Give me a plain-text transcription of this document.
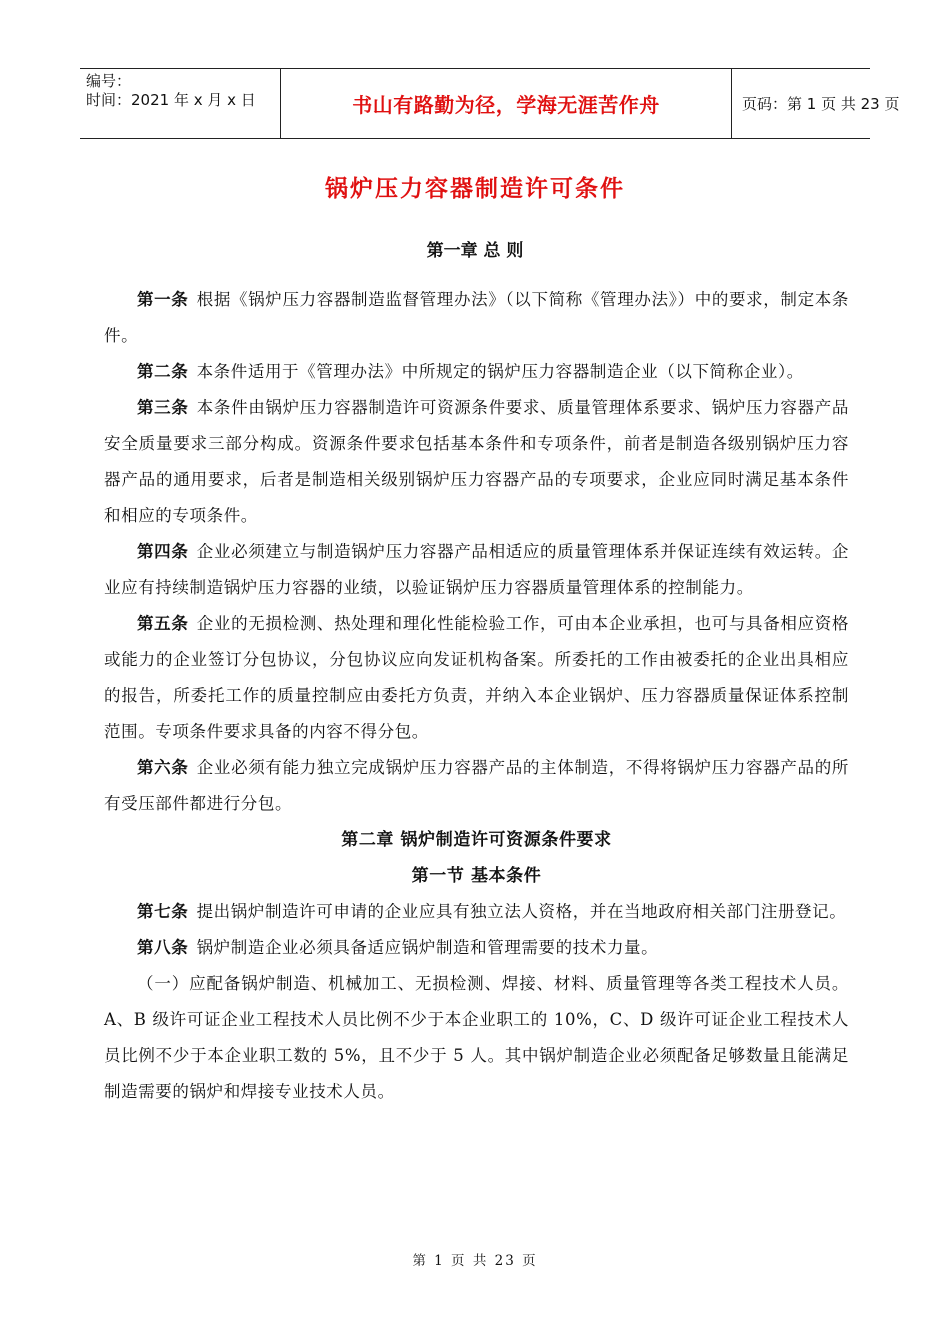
编号：
时间：2021 年 x 月 x 日	书山有路勤为径，学海无涯苦作舟	页码：第 1 页 共 23 页
锅炉压力容器制造许可条件
第一章 总 则

第一条 根据《锅炉压力容器制造监督管理办法》（以下简称《管理办法》）中的要求，制定本条件。

第二条 本条件适用于《管理办法》中所规定的锅炉压力容器制造企业（以下简称企业）。

第三条 本条件由锅炉压力容器制造许可资源条件要求、质量管理体系要求、锅炉压力容器产品安全质量要求三部分构成。资源条件要求包括基本条件和专项条件，前者是制造各级别锅炉压力容器产品的通用要求，后者是制造相关级别锅炉压力容器产品的专项要求，企业应同时满足基本条件和相应的专项条件。

第四条 企业必须建立与制造锅炉压力容器产品相适应的质量管理体系并保证连续有效运转。企业应有持续制造锅炉压力容器的业绩，以验证锅炉压力容器质量管理体系的控制能力。

第五条 企业的无损检测、热处理和理化性能检验工作，可由本企业承担，也可与具备相应资格或能力的企业签订分包协议，分包协议应向发证机构备案。所委托的工作由被委托的企业出具相应的报告，所委托工作的质量控制应由委托方负责，并纳入本企业锅炉、压力容器质量保证体系控制范围。专项条件要求具备的内容不得分包。

第六条 企业必须有能力独立完成锅炉压力容器产品的主体制造，不得将锅炉压力容器产品的所有受压部件都进行分包。

第二章 锅炉制造许可资源条件要求
第一节 基本条件

第七条 提出锅炉制造许可申请的企业应具有独立法人资格，并在当地政府相关部门注册登记。

第八条 锅炉制造企业必须具备适应锅炉制造和管理需要的技术力量。

（一）应配备锅炉制造、机械加工、无损检测、焊接、材料、质量管理等各类工程技术人员。A、B 级许可证企业工程技术人员比例不少于本企业职工的 10%，C、D 级许可证企业工程技术人员比例不少于本企业职工数的 5%，且不少于 5 人。其中锅炉制造企业必须配备足够数量且能满足制造需要的锅炉和焊接专业技术人员。

第 1 页 共 23 页
